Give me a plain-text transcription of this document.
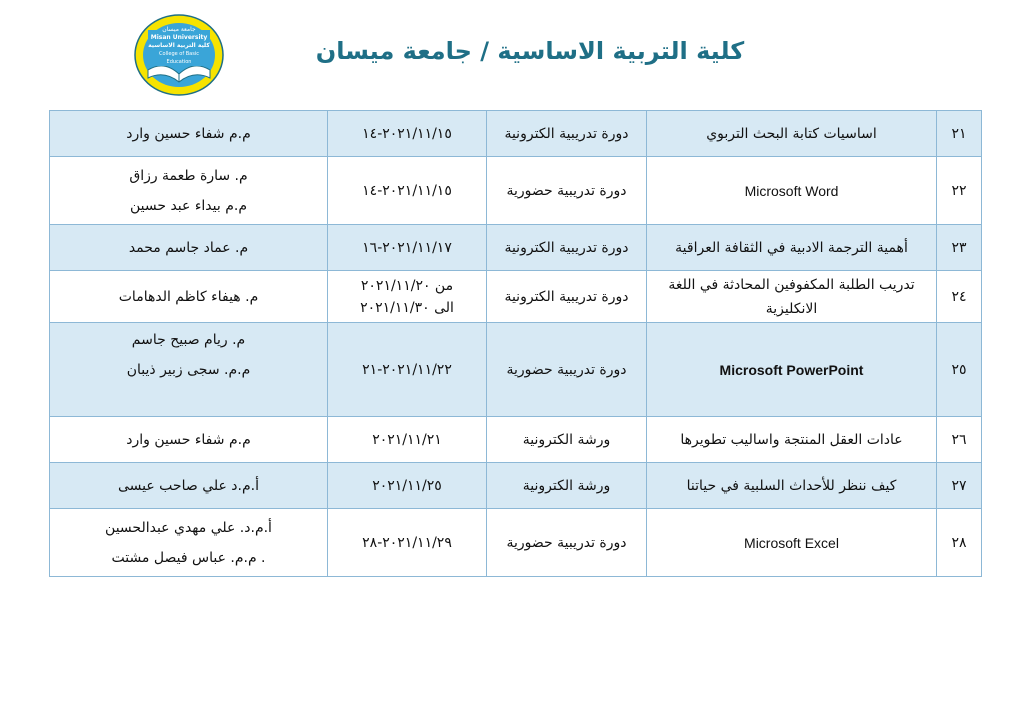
جامعة ميسان
Misan University
كلية التربية الاساسية
College of Basic Education	كلية التربية الاساسية / جامعة ميسان
٢١	اساسيات كتابة البحث التربوي	دورة تدريبية الكترونية	٢٠٢١/١١/١٥-١٤	م.م شفاء حسين وارد

٢٢	Microsoft Word	دورة تدريبية حضورية	٢٠٢١/١١/١٥-١٤	م. سارة طعمة رزاق
م.م بيداء عبد حسين

٢٣	أهمية الترجمة الادبية في الثقافة العراقية	دورة تدريبية الكترونية	٢٠٢١/١١/١٧-١٦	م. عماد جاسم محمد

٢٤	تدريب الطلبة المكفوفين المحادثة في اللغة الانكليزية	دورة تدريبية الكترونية	من ٢٠٢١/١١/٢٠
الى ٢٠٢١/١١/٣٠	م. هيفاء كاظم الدهامات

٢٥	Microsoft PowerPoint	دورة تدريبية حضورية	٢٠٢١/١١/٢٢-٢١	م. ريام صبيح جاسم
م.م. سجى زبير ذيبان

٢٦	عادات العقل المنتجة واساليب تطويرها	ورشة الكترونية	٢٠٢١/١١/٢١	م.م شفاء حسين وارد

٢٧	كيف ننظر للأحداث السلبية في حياتنا	ورشة الكترونية	٢٠٢١/١١/٢٥	أ.م.د علي صاحب عيسى

٢٨	Microsoft Excel	دورة تدريبية حضورية	٢٠٢١/١١/٢٩-٢٨	أ.م.د. علي مهدي عبدالحسين
. م.م. عباس فيصل مشتت
